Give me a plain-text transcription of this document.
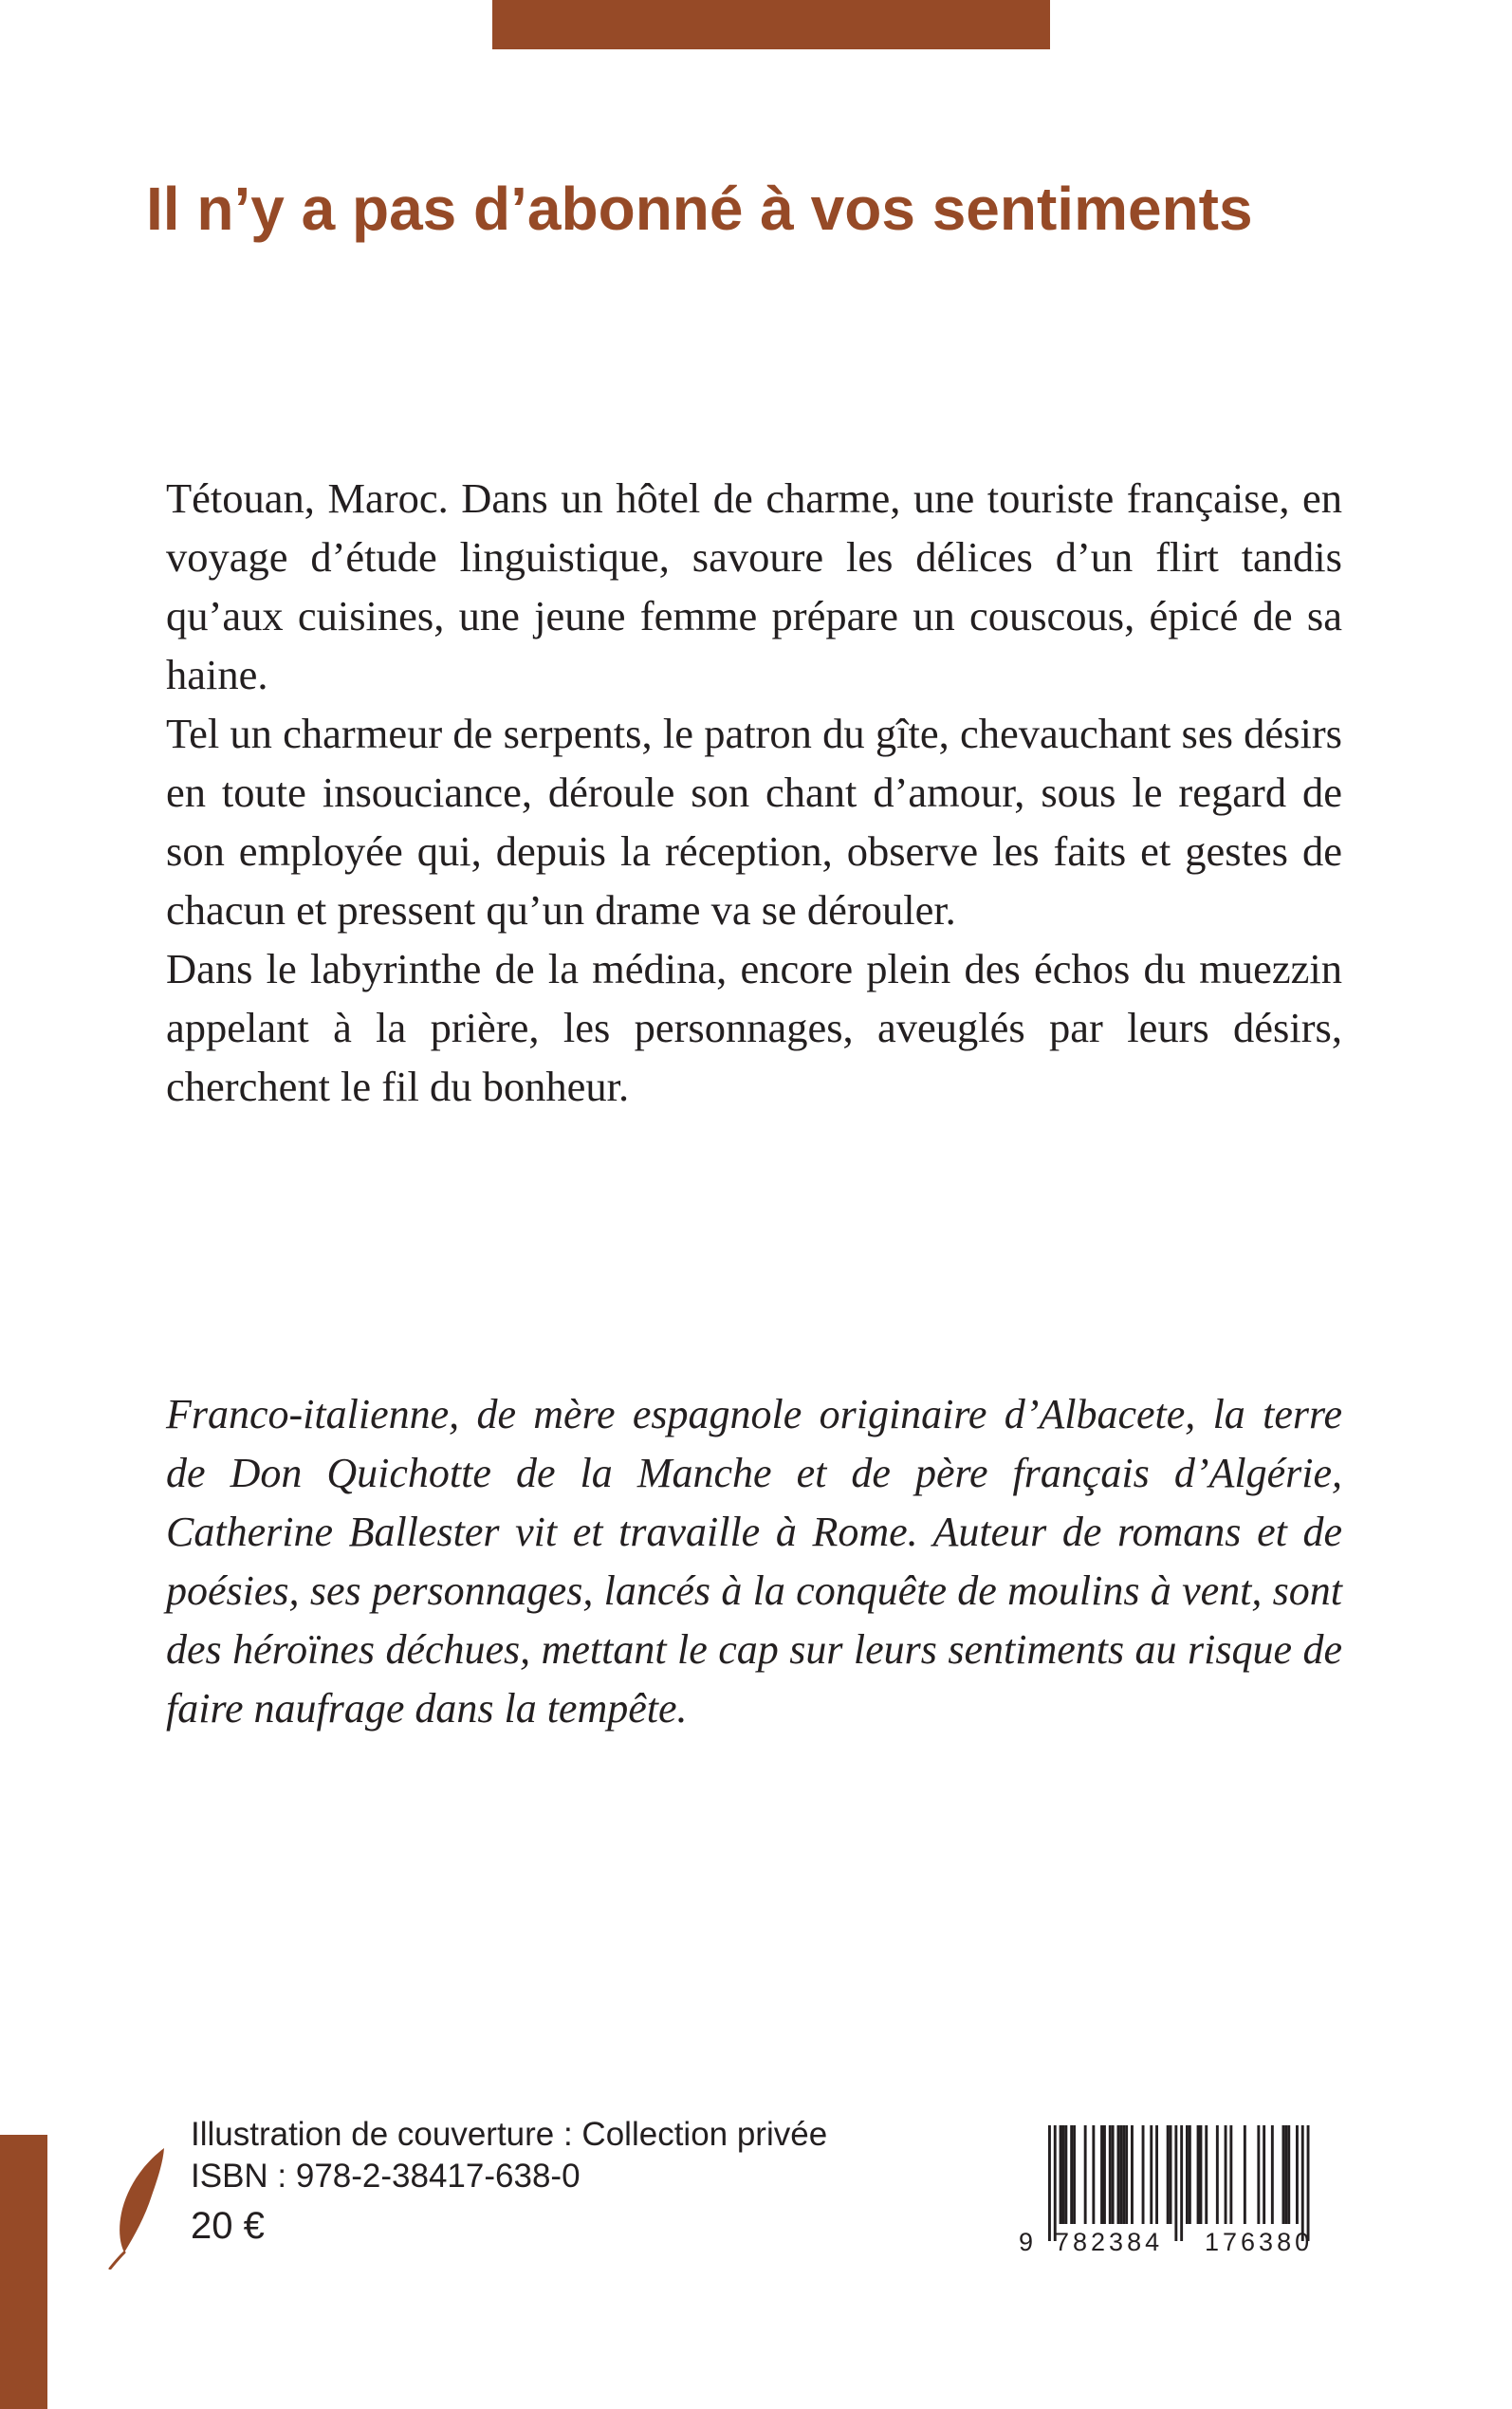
Il n’y a pas d’abonné à vos sentiments

Tétouan, Maroc. Dans un hôtel de charme, une touriste française, en voyage d’étude linguistique, savoure les délices d’un flirt tandis qu’aux cuisines, une jeune femme prépare un couscous, épicé de sa haine.

Tel un charmeur de serpents, le patron du gîte, chevauchant ses désirs en toute insouciance, déroule son chant d’amour, sous le regard de son employée qui, depuis la réception, observe les faits et gestes de chacun et pressent qu’un drame va se dérouler.

Dans le labyrinthe de la médina, encore plein des échos du muezzin appelant à la prière, les personnages, aveuglés par leurs désirs, cherchent le fil du bonheur.

Franco-italienne, de mère espagnole originaire d’Albacete, la terre de Don Quichotte de la Manche et de père français d’Algérie, Catherine Ballester vit et travaille à Rome. Auteur de romans et de poésies, ses personnages, lancés à la conquête de moulins à vent, sont des héroïnes déchues, mettant le cap sur leurs sentiments au risque de faire naufrage dans la tempête.

Illustration de couverture : Collection privée
ISBN : 978-2-38417-638-0
20 €	9 782384 176380
